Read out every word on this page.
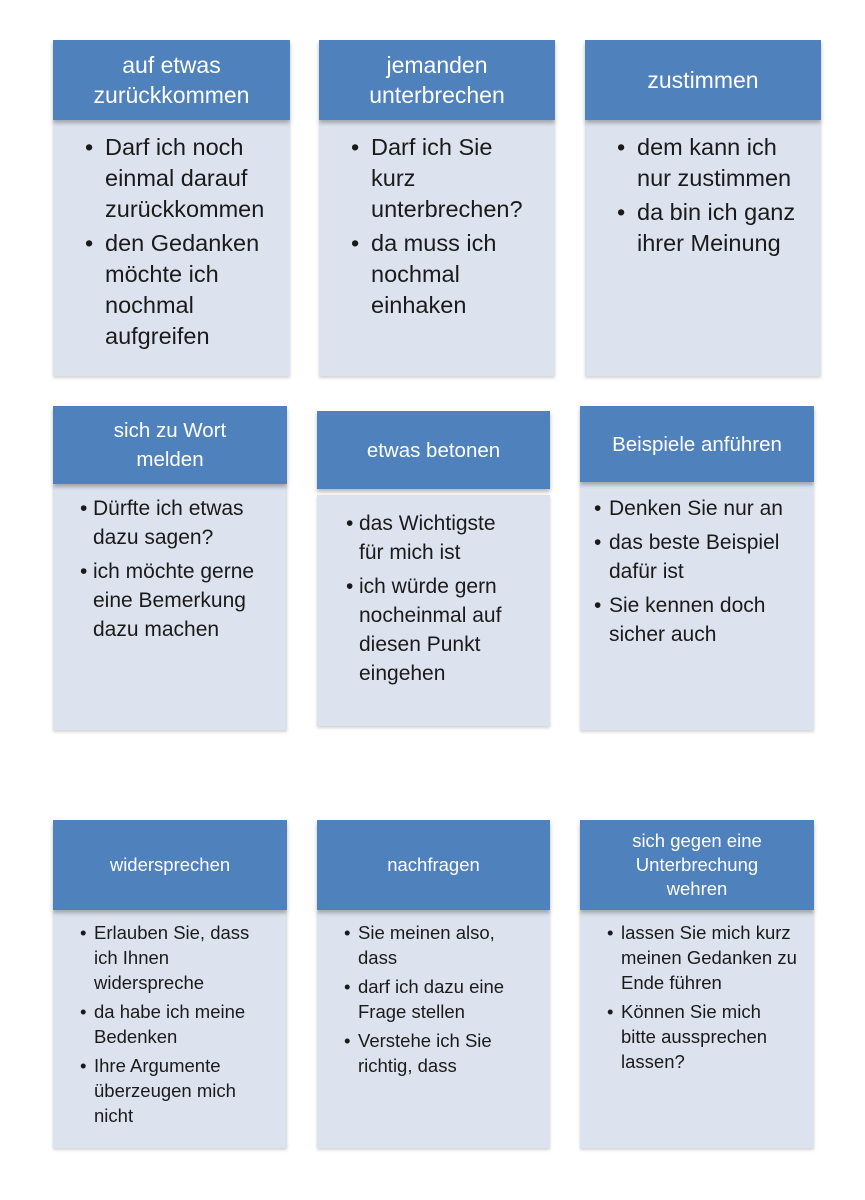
auf etwas zurückkommen
• Darf ich noch einmal darauf zurückkommen
• den Gedanken möchte ich nochmal aufgreifen
jemanden unterbrechen
• Darf ich Sie kurz unterbrechen?
• da muss ich nochmal einhaken
zustimmen
• dem kann ich nur zustimmen
• da bin ich ganz ihrer Meinung
sich zu Wort melden
• Dürfte ich etwas dazu sagen?
• ich möchte gerne eine Bemerkung dazu machen
etwas betonen
• das Wichtigste für mich ist
• ich würde gern nocheinmal auf diesen Punkt eingehen
Beispiele anführen
• Denken Sie nur an
• das beste Beispiel dafür ist
• Sie kennen doch sicher auch
widersprechen
• Erlauben Sie, dass ich Ihnen widerspreche
• da habe ich meine Bedenken
• Ihre Argumente überzeugen mich nicht
nachfragen
• Sie meinen also, dass
• darf ich dazu eine Frage stellen
• Verstehe ich Sie richtig, dass
sich gegen eine Unterbrechung wehren
• lassen Sie mich kurz meinen Gedanken zu Ende führen
• Können Sie mich bitte aussprechen lassen?
